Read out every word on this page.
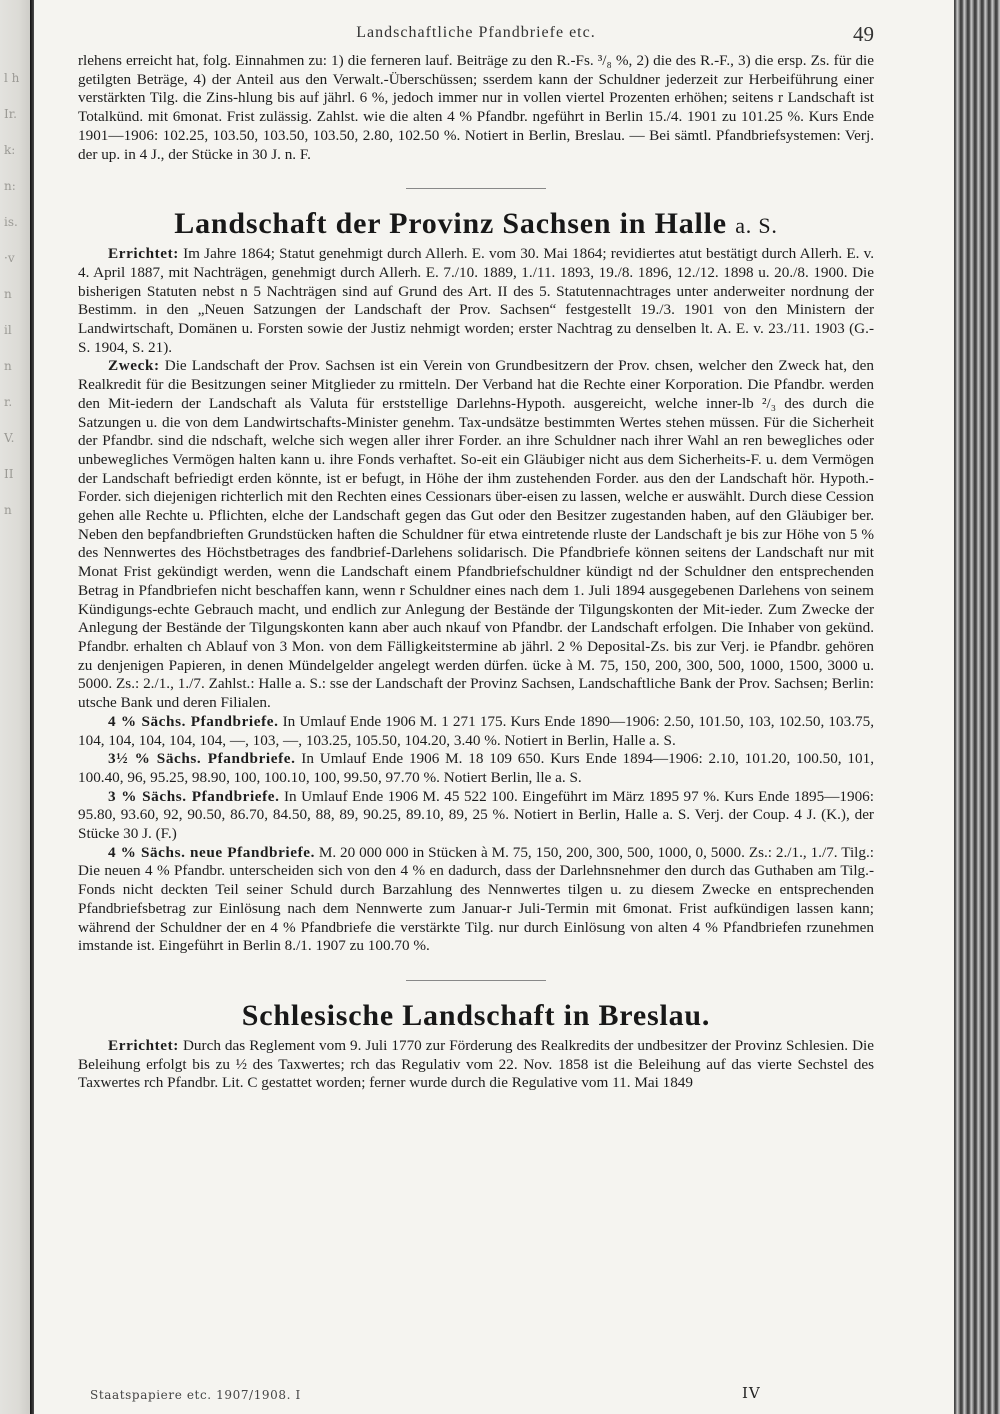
l h
Ir.
k:
n:
is.
·v
n
il
n
r.
V.
II
n
Landschaftliche Pfandbriefe etc.	49

rlehens erreicht hat, folg. Einnahmen zu: 1) die ferneren lauf. Beiträge zu den R.-Fs. ³/₈ %, 2) die des R.-F., 3) die ersp. Zs. für die getilgten Beträge, 4) der Anteil aus den Verwalt.-Überschüssen; sserdem kann der Schuldner jederzeit zur Herbeiführung einer verstärkten Tilg. die Zins-hlung bis auf jährl. 6 %, jedoch immer nur in vollen viertel Prozenten erhöhen; seitens r Landschaft ist Totalkünd. mit 6monat. Frist zulässig. Zahlst. wie die alten 4 % Pfandbr. ngeführt in Berlin 15./4. 1901 zu 101.25 %. Kurs Ende 1901—1906: 102.25, 103.50, 103.50, 103.50, 2.80, 102.50 %. Notiert in Berlin, Breslau. — Bei sämtl. Pfandbriefsystemen: Verj. der up. in 4 J., der Stücke in 30 J. n. F.

Landschaft der Provinz Sachsen in Halle a. S.

Errichtet: Im Jahre 1864; Statut genehmigt durch Allerh. E. vom 30. Mai 1864; revidiertes atut bestätigt durch Allerh. E. v. 4. April 1887, mit Nachträgen, genehmigt durch Allerh. E. 7./10. 1889, 1./11. 1893, 19./8. 1896, 12./12. 1898 u. 20./8. 1900. Die bisherigen Statuten nebst n 5 Nachträgen sind auf Grund des Art. II des 5. Statutennachtrages unter anderweiter nordnung der Bestimm. in den „Neuen Satzungen der Landschaft der Prov. Sachsen“ festgestellt 19./3. 1901 von den Ministern der Landwirtschaft, Domänen u. Forsten sowie der Justiz nehmigt worden; erster Nachtrag zu denselben lt. A. E. v. 23./11. 1903 (G.-S. 1904, S. 21).

Zweck: Die Landschaft der Prov. Sachsen ist ein Verein von Grundbesitzern der Prov. chsen, welcher den Zweck hat, den Realkredit für die Besitzungen seiner Mitglieder zu rmitteln. Der Verband hat die Rechte einer Korporation. Die Pfandbr. werden den Mit-iedern der Landschaft als Valuta für erststellige Darlehns-Hypoth. ausgereicht, welche inner-lb ²/₃ des durch die Satzungen u. die von dem Landwirtschafts-Minister genehm. Tax-undsätze bestimmten Wertes stehen müssen. Für die Sicherheit der Pfandbr. sind die ndschaft, welche sich wegen aller ihrer Forder. an ihre Schuldner nach ihrer Wahl an ren bewegliches oder unbewegliches Vermögen halten kann u. ihre Fonds verhaftet. So-eit ein Gläubiger nicht aus dem Sicherheits-F. u. dem Vermögen der Landschaft befriedigt erden könnte, ist er befugt, in Höhe der ihm zustehenden Forder. aus den der Landschaft hör. Hypoth.-Forder. sich diejenigen richterlich mit den Rechten eines Cessionars über-eisen zu lassen, welche er auswählt. Durch diese Cession gehen alle Rechte u. Pflichten, elche der Landschaft gegen das Gut oder den Besitzer zugestanden haben, auf den Gläubiger ber. Neben den bepfandbrieften Grundstücken haften die Schuldner für etwa eintretende rluste der Landschaft je bis zur Höhe von 5 % des Nennwertes des Höchstbetrages des fandbrief-Darlehens solidarisch. Die Pfandbriefe können seitens der Landschaft nur mit Monat Frist gekündigt werden, wenn die Landschaft einem Pfandbriefschuldner kündigt nd der Schuldner den entsprechenden Betrag in Pfandbriefen nicht beschaffen kann, wenn r Schuldner eines nach dem 1. Juli 1894 ausgegebenen Darlehens von seinem Kündigungs-echte Gebrauch macht, und endlich zur Anlegung der Bestände der Tilgungskonten der Mit-ieder. Zum Zwecke der Anlegung der Bestände der Tilgungskonten kann aber auch nkauf von Pfandbr. der Landschaft erfolgen. Die Inhaber von gekünd. Pfandbr. erhalten ch Ablauf von 3 Mon. von dem Fälligkeitstermine ab jährl. 2 % Deposital-Zs. bis zur Verj. ie Pfandbr. gehören zu denjenigen Papieren, in denen Mündelgelder angelegt werden dürfen. ücke à M. 75, 150, 200, 300, 500, 1000, 1500, 3000 u. 5000. Zs.: 2./1., 1./7. Zahlst.: Halle a. S.: sse der Landschaft der Provinz Sachsen, Landschaftliche Bank der Prov. Sachsen; Berlin: utsche Bank und deren Filialen.

4 % Sächs. Pfandbriefe. In Umlauf Ende 1906 M. 1 271 175. Kurs Ende 1890—1906: 2.50, 101.50, 103, 102.50, 103.75, 104, 104, 104, 104, 104, —, 103, —, 103.25, 105.50, 104.20, 3.40 %. Notiert in Berlin, Halle a. S.

3½ % Sächs. Pfandbriefe. In Umlauf Ende 1906 M. 18 109 650. Kurs Ende 1894—1906: 2.10, 101.20, 100.50, 101, 100.40, 96, 95.25, 98.90, 100, 100.10, 100, 99.50, 97.70 %. Notiert Berlin, lle a. S.

3 % Sächs. Pfandbriefe. In Umlauf Ende 1906 M. 45 522 100. Eingeführt im März 1895 97 %. Kurs Ende 1895—1906: 95.80, 93.60, 92, 90.50, 86.70, 84.50, 88, 89, 90.25, 89.10, 89, 25 %. Notiert in Berlin, Halle a. S. Verj. der Coup. 4 J. (K.), der Stücke 30 J. (F.)

4 % Sächs. neue Pfandbriefe. M. 20 000 000 in Stücken à M. 75, 150, 200, 300, 500, 1000, 0, 5000. Zs.: 2./1., 1./7. Tilg.: Die neuen 4 % Pfandbr. unterscheiden sich von den 4 % en dadurch, dass der Darlehnsnehmer den durch das Guthaben am Tilg.-Fonds nicht deckten Teil seiner Schuld durch Barzahlung des Nennwertes tilgen u. zu diesem Zwecke en entsprechenden Pfandbriefsbetrag zur Einlösung nach dem Nennwerte zum Januar-r Juli-Termin mit 6monat. Frist aufkündigen lassen kann; während der Schuldner der en 4 % Pfandbriefe die verstärkte Tilg. nur durch Einlösung von alten 4 % Pfandbriefen rzunehmen imstande ist. Eingeführt in Berlin 8./1. 1907 zu 100.70 %.

Schlesische Landschaft in Breslau.

Errichtet: Durch das Reglement vom 9. Juli 1770 zur Förderung des Realkredits der undbesitzer der Provinz Schlesien. Die Beleihung erfolgt bis zu ½ des Taxwertes; rch das Regulativ vom 22. Nov. 1858 ist die Beleihung auf das vierte Sechstel des Taxwertes rch Pfandbr. Lit. C gestattet worden; ferner wurde durch die Regulative vom 11. Mai 1849

Staatspapiere etc. 1907/1908. I	IV
